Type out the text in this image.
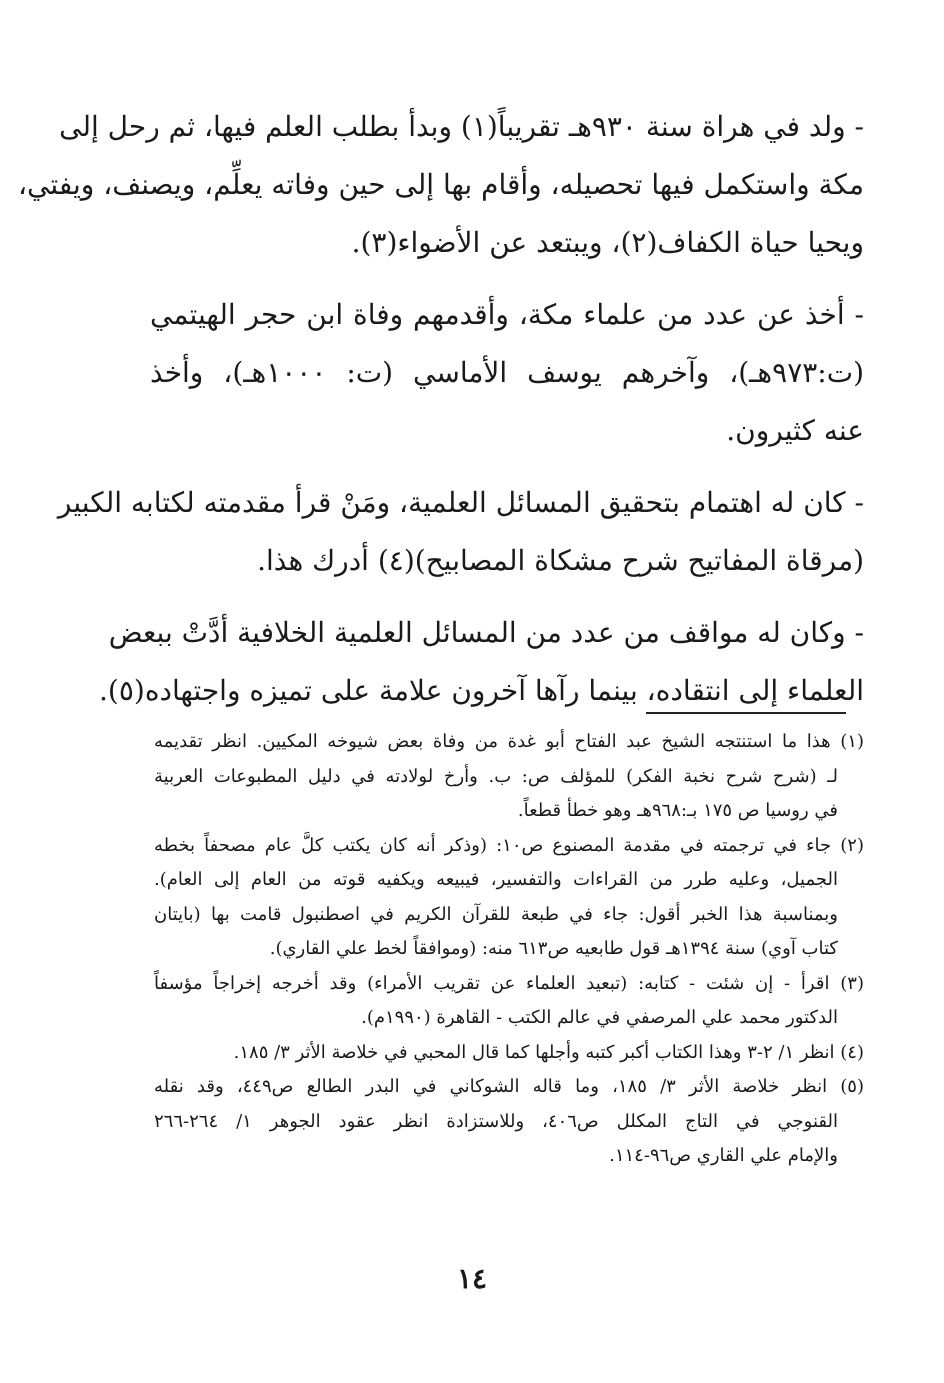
- ولد في هراة سنة ٩٣٠هـ تقريباً(١) وبدأ بطلب العلم فيها، ثم رحل إلى
مكة واستكمل فيها تحصيله، وأقام بها إلى حين وفاته يعلِّم، ويصنف، ويفتي،
ويحيا حياة الكفاف(٢)، ويبتعد عن الأضواء(٣).
- أخذ عن عدد من علماء مكة، وأقدمهم وفاة ابن حجر الهيتمي
(ت:٩٧٣هـ)، وآخرهم يوسف الأماسي (ت: ١٠٠٠هـ)، وأخذ
عنه كثيرون.
- كان له اهتمام بتحقيق المسائل العلمية، ومَنْ قرأ مقدمته لكتابه الكبير
(مرقاة المفاتيح شرح مشكاة المصابيح)(٤) أدرك هذا.
- وكان له مواقف من عدد من المسائل العلمية الخلافية أدَّتْ ببعض
العلماء إلى انتقاده، بينما رآها آخرون علامة على تميزه واجتهاده(٥).
(١) هذا ما استنتجه الشيخ عبد الفتاح أبو غدة من وفاة بعض شيوخه المكيين. انظر تقديمه
لـ (شرح شرح نخبة الفكر) للمؤلف ص: ب. وأرخ لولادته في دليل المطبوعات العربية
في روسيا ص ١٧٥ بـ:٩٦٨هـ وهو خطأ قطعاً.
(٢) جاء في ترجمته في مقدمة المصنوع ص١٠: (وذكر أنه كان يكتب كلَّ عام مصحفاً بخطه
الجميل، وعليه طرر من القراءات والتفسير، فيبيعه ويكفيه قوته من العام إلى العام).
وبمناسبة هذا الخبر أقول: جاء في طبعة للقرآن الكريم في اصطنبول قامت بها (بايتان
كتاب آوي) سنة ١٣٩٤هـ قول طابعيه ص٦١٣ منه: (وموافقاً لخط علي القاري).
(٣) اقرأ - إن شئت - كتابه: (تبعيد العلماء عن تقريب الأمراء) وقد أخرجه إخراجاً مؤسفاً
الدكتور محمد علي المرصفي في عالم الكتب - القاهرة (١٩٩٠م).
(٤) انظر ١/ ٢-٣ وهذا الكتاب أكبر كتبه وأجلها كما قال المحبي في خلاصة الأثر ٣/ ١٨٥.
(٥) انظر خلاصة الأثر ٣/ ١٨٥، وما قاله الشوكاني في البدر الطالع ص٤٤٩، وقد نقله
القنوجي في التاج المكلل ص٤٠٦، وللاستزادة انظر عقود الجوهر ١/ ٢٦٤-٢٦٦
والإمام علي القاري ص٩٦-١١٤.
١٤
